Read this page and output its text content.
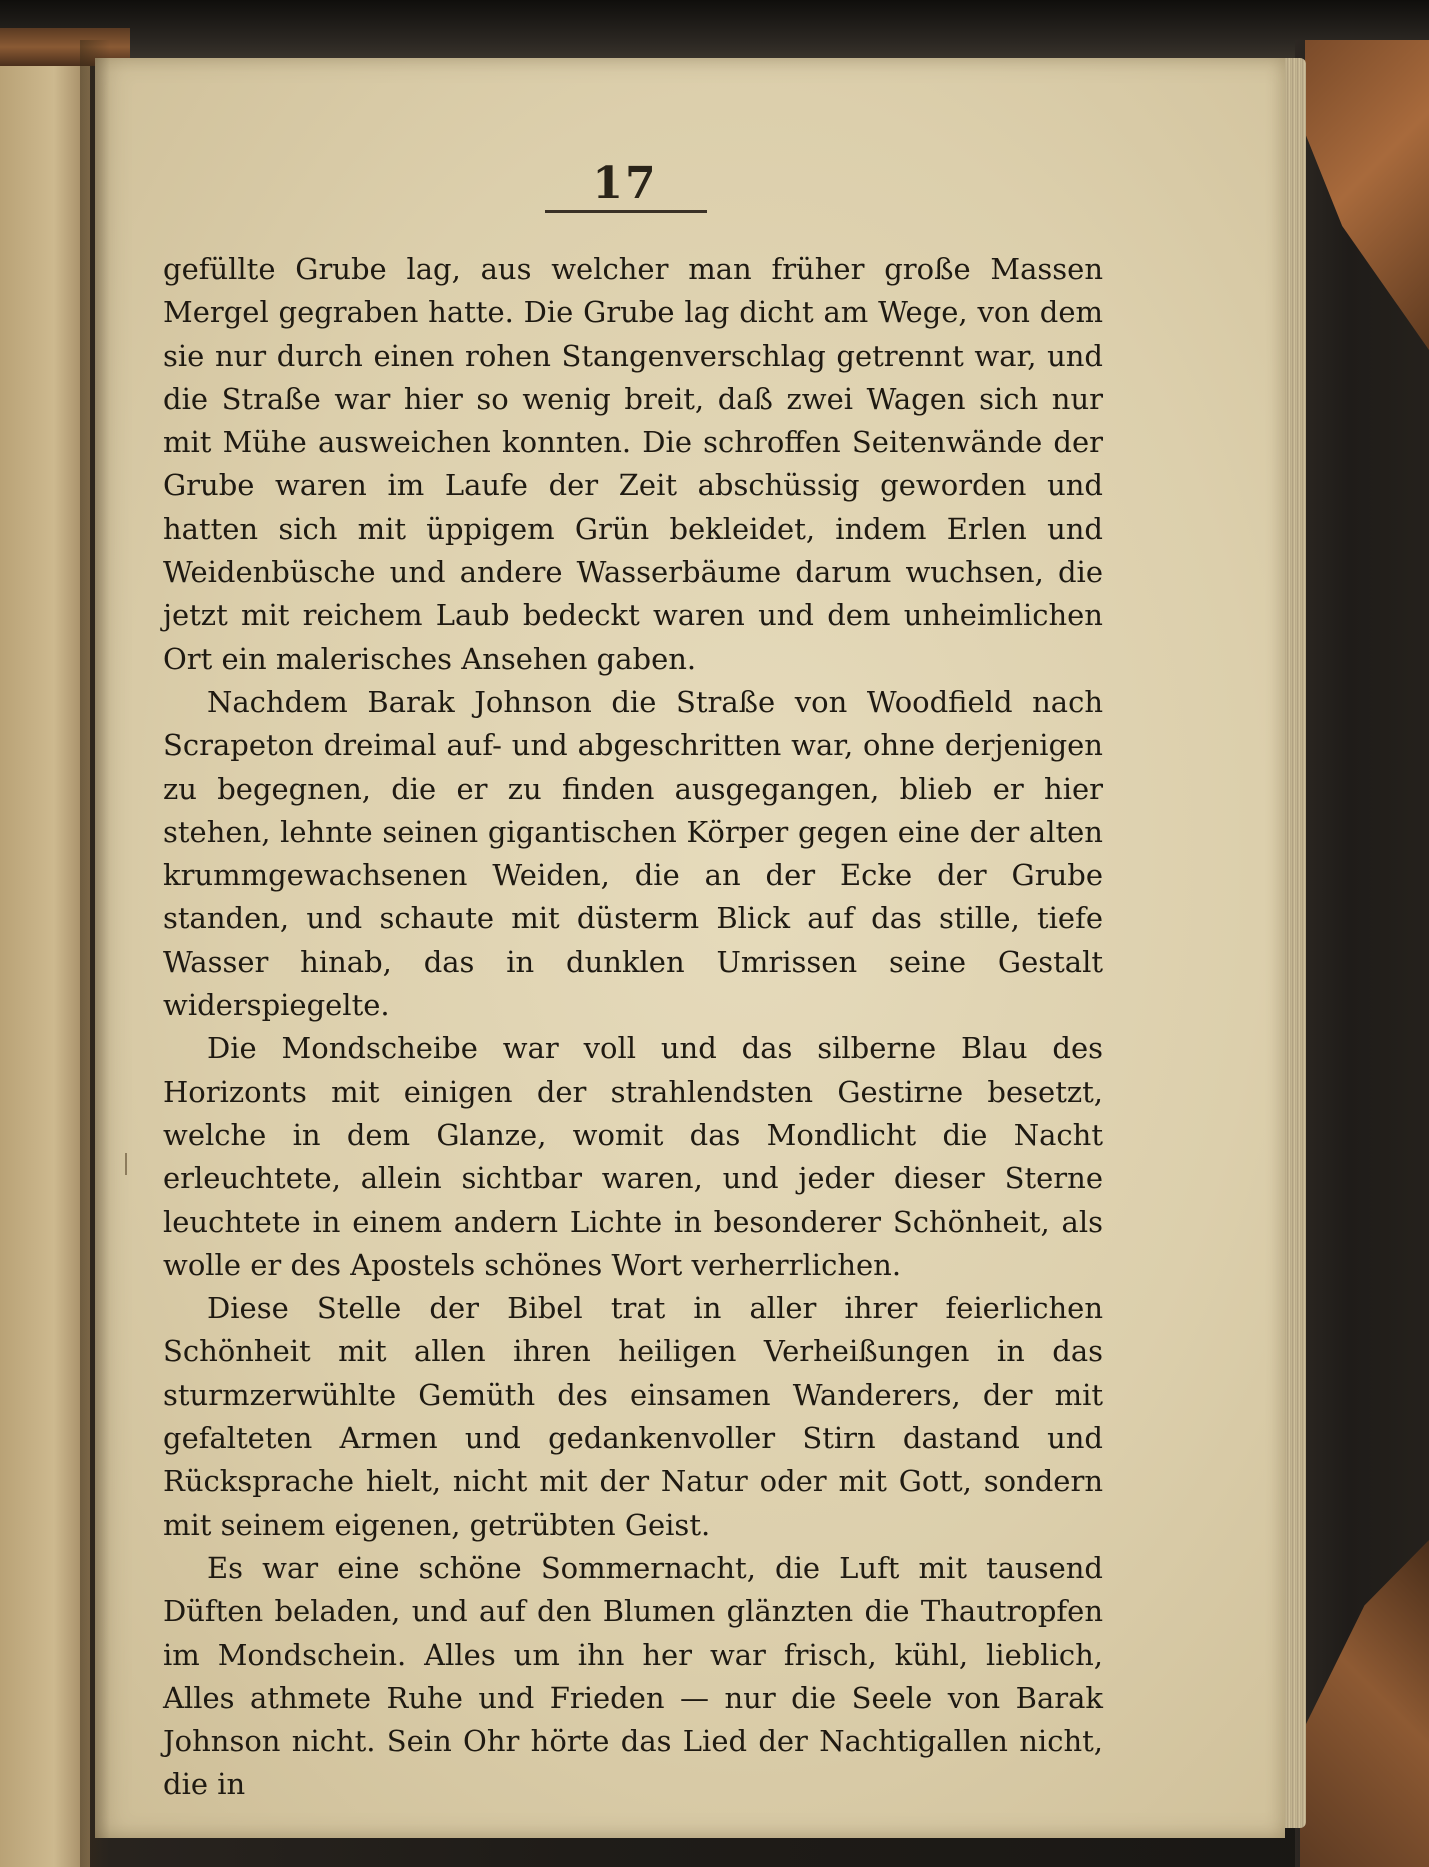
17

gefüllte Grube lag, aus welcher man früher große Massen Mergel gegraben hatte. Die Grube lag dicht am Wege, von dem sie nur durch einen rohen Stangenverschlag getrennt war, und die Straße war hier so wenig breit, daß zwei Wagen sich nur mit Mühe ausweichen konnten. Die schroffen Seitenwände der Grube waren im Laufe der Zeit abschüssig geworden und hatten sich mit üppigem Grün bekleidet, indem Erlen und Weidenbüsche und andere Wasserbäume darum wuchsen, die jetzt mit reichem Laub bedeckt waren und dem unheimlichen Ort ein malerisches Ansehen gaben.

Nachdem Barak Johnson die Straße von Woodfield nach Scrapeton dreimal auf- und abgeschritten war, ohne derjenigen zu begegnen, die er zu finden ausgegangen, blieb er hier stehen, lehnte seinen gigantischen Körper gegen eine der alten krummgewachsenen Weiden, die an der Ecke der Grube standen, und schaute mit düsterm Blick auf das stille, tiefe Wasser hinab, das in dunklen Umrissen seine Gestalt widerspiegelte.

Die Mondscheibe war voll und das silberne Blau des Horizonts mit einigen der strahlendsten Gestirne besetzt, welche in dem Glanze, womit das Mondlicht die Nacht erleuchtete, allein sichtbar waren, und jeder dieser Sterne leuchtete in einem andern Lichte in besonderer Schönheit, als wolle er des Apostels schönes Wort verherrlichen.

Diese Stelle der Bibel trat in aller ihrer feierlichen Schönheit mit allen ihren heiligen Verheißungen in das sturmzerwühlte Gemüth des einsamen Wanderers, der mit gefalteten Armen und gedankenvoller Stirn dastand und Rücksprache hielt, nicht mit der Natur oder mit Gott, sondern mit seinem eigenen, getrübten Geist.

Es war eine schöne Sommernacht, die Luft mit tausend Düften beladen, und auf den Blumen glänzten die Thautropfen im Mondschein. Alles um ihn her war frisch, kühl, lieblich, Alles athmete Ruhe und Frieden — nur die Seele von Barak Johnson nicht. Sein Ohr hörte das Lied der Nachtigallen nicht, die in
